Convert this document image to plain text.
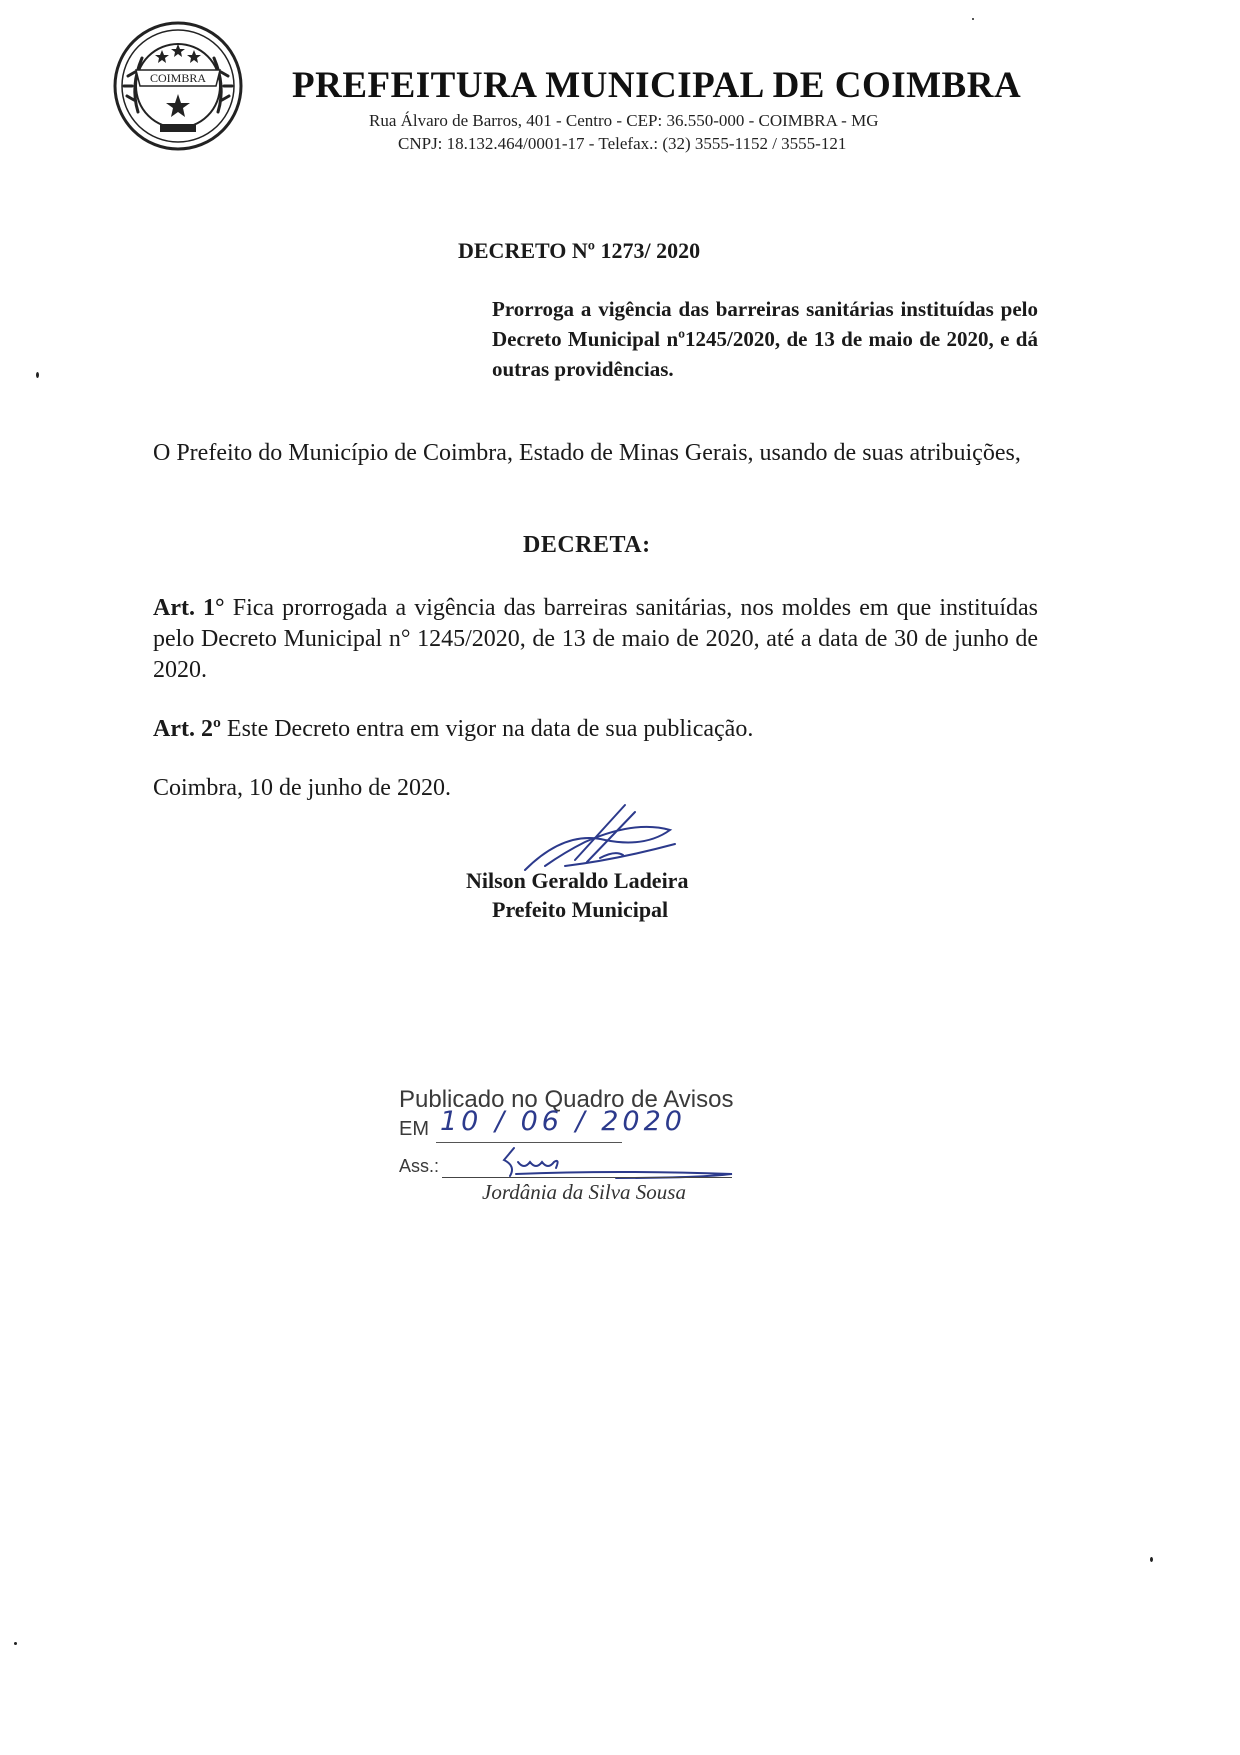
COIMBRA PREFEITURA MUNICIPAL DE COIMBRA
Rua Álvaro de Barros, 401 - Centro - CEP: 36.550-000 - COIMBRA - MG
CNPJ: 18.132.464/0001-17 - Telefax.: (32) 3555-1152 / 3555-121
DECRETO Nº 1273/ 2020
Prorroga a vigência das barreiras sanitárias instituídas pelo Decreto Municipal nº1245/2020, de 13 de maio de 2020, e dá outras providências.
O Prefeito do Município de Coimbra, Estado de Minas Gerais, usando de suas atribuições,
DECRETA:
Art. 1° Fica prorrogada a vigência das barreiras sanitárias, nos moldes em que instituídas pelo Decreto Municipal n° 1245/2020, de 13 de maio de 2020, até a data de 30 de junho de 2020.
Art. 2º Este Decreto entra em vigor na data de sua publicação.
Coimbra, 10 de junho de 2020.
Nilson Geraldo Ladeira
Prefeito Municipal
Publicado no Quadro de Avisos
EM 10 / 06 / 2020
Ass.:
Jordânia da Silva Sousa
